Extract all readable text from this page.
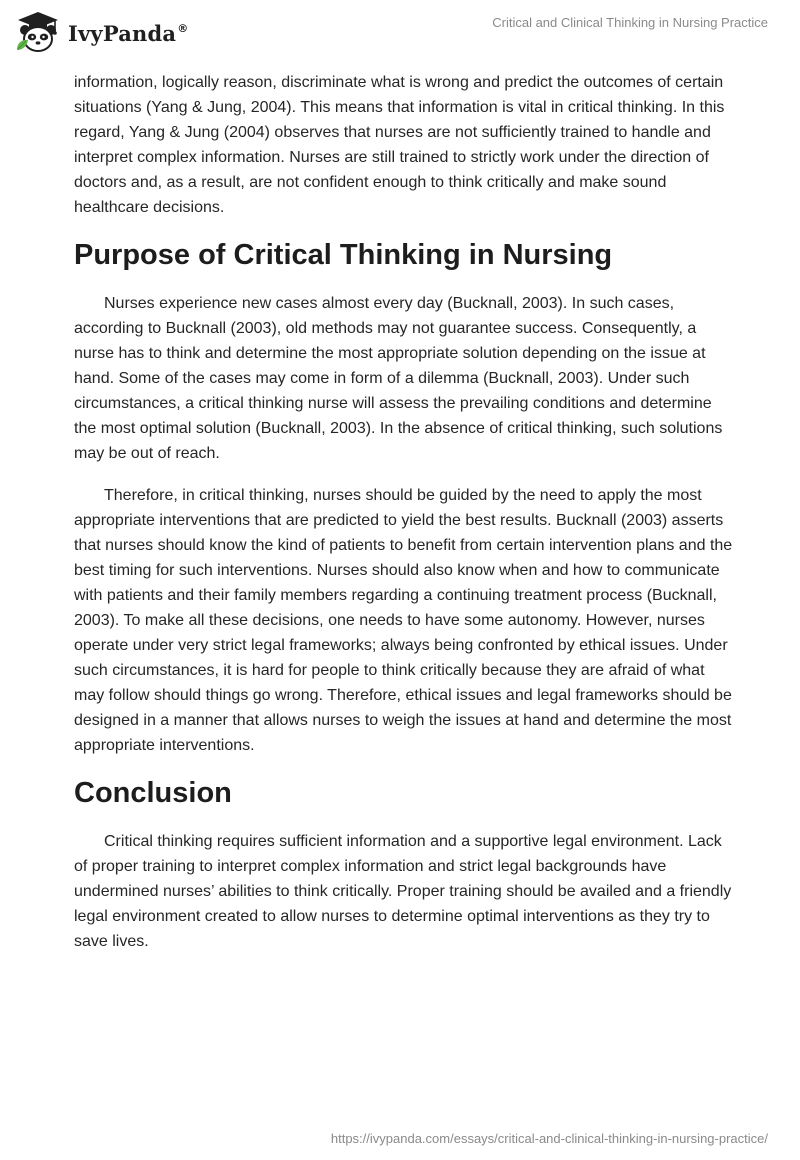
IvyPanda®	Critical and Clinical Thinking in Nursing Practice

information, logically reason, discriminate what is wrong and predict the outcomes of certain situations (Yang & Jung, 2004). This means that information is vital in critical thinking. In this regard, Yang & Jung (2004) observes that nurses are not sufficiently trained to handle and interpret complex information. Nurses are still trained to strictly work under the direction of doctors and, as a result, are not confident enough to think critically and make sound healthcare decisions.

Purpose of Critical Thinking in Nursing

Nurses experience new cases almost every day (Bucknall, 2003). In such cases, according to Bucknall (2003), old methods may not guarantee success. Consequently, a nurse has to think and determine the most appropriate solution depending on the issue at hand. Some of the cases may come in form of a dilemma (Bucknall, 2003). Under such circumstances, a critical thinking nurse will assess the prevailing conditions and determine the most optimal solution (Bucknall, 2003). In the absence of critical thinking, such solutions may be out of reach.

Therefore, in critical thinking, nurses should be guided by the need to apply the most appropriate interventions that are predicted to yield the best results. Bucknall (2003) asserts that nurses should know the kind of patients to benefit from certain intervention plans and the best timing for such interventions. Nurses should also know when and how to communicate with patients and their family members regarding a continuing treatment process (Bucknall, 2003). To make all these decisions, one needs to have some autonomy. However, nurses operate under very strict legal frameworks; always being confronted by ethical issues. Under such circumstances, it is hard for people to think critically because they are afraid of what may follow should things go wrong. Therefore, ethical issues and legal frameworks should be designed in a manner that allows nurses to weigh the issues at hand and determine the most appropriate interventions.

Conclusion

Critical thinking requires sufficient information and a supportive legal environment. Lack of proper training to interpret complex information and strict legal backgrounds have undermined nurses’ abilities to think critically. Proper training should be availed and a friendly legal environment created to allow nurses to determine optimal interventions as they try to save lives.

https://ivypanda.com/essays/critical-and-clinical-thinking-in-nursing-practice/
